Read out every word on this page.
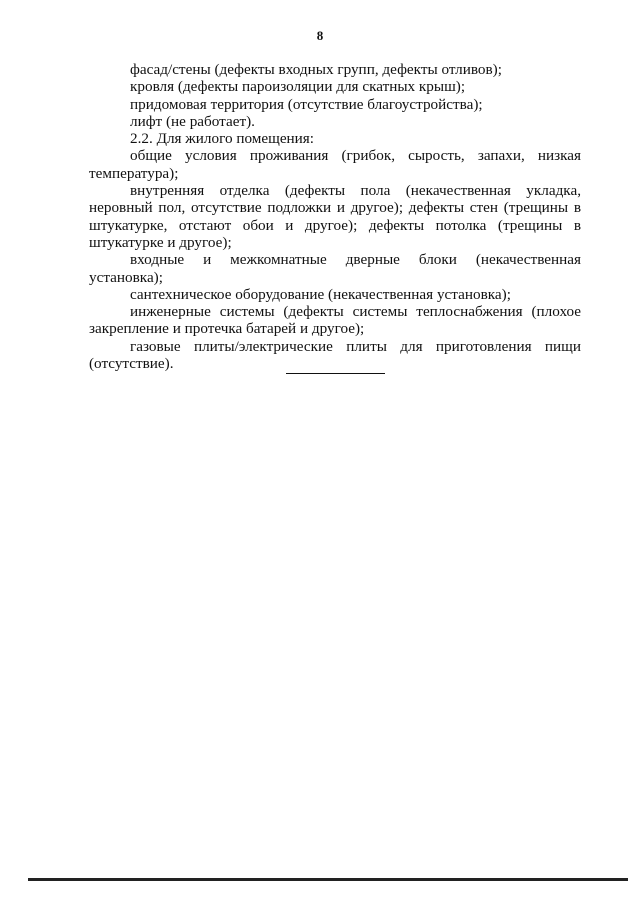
8

фасад/стены (дефекты входных групп, дефекты отливов);

кровля (дефекты пароизоляции для скатных крыш);

придомовая территория (отсутствие благоустройства);

лифт (не работает).

2.2. Для жилого помещения:

общие условия проживания (грибок, сырость, запахи, низкая температура);

внутренняя отделка (дефекты пола (некачественная укладка, неровный пол, отсутствие подложки и другое); дефекты стен (трещины в штукатурке, отстают обои и другое); дефекты потолка (трещины в штукатурке и другое);

входные и межкомнатные дверные блоки (некачественная установка);

сантехническое оборудование (некачественная установка);

инженерные системы (дефекты системы теплоснабжения (плохое закрепление и протечка батарей и другое);

газовые плиты/электрические плиты для приготовления пищи (отсутствие).
